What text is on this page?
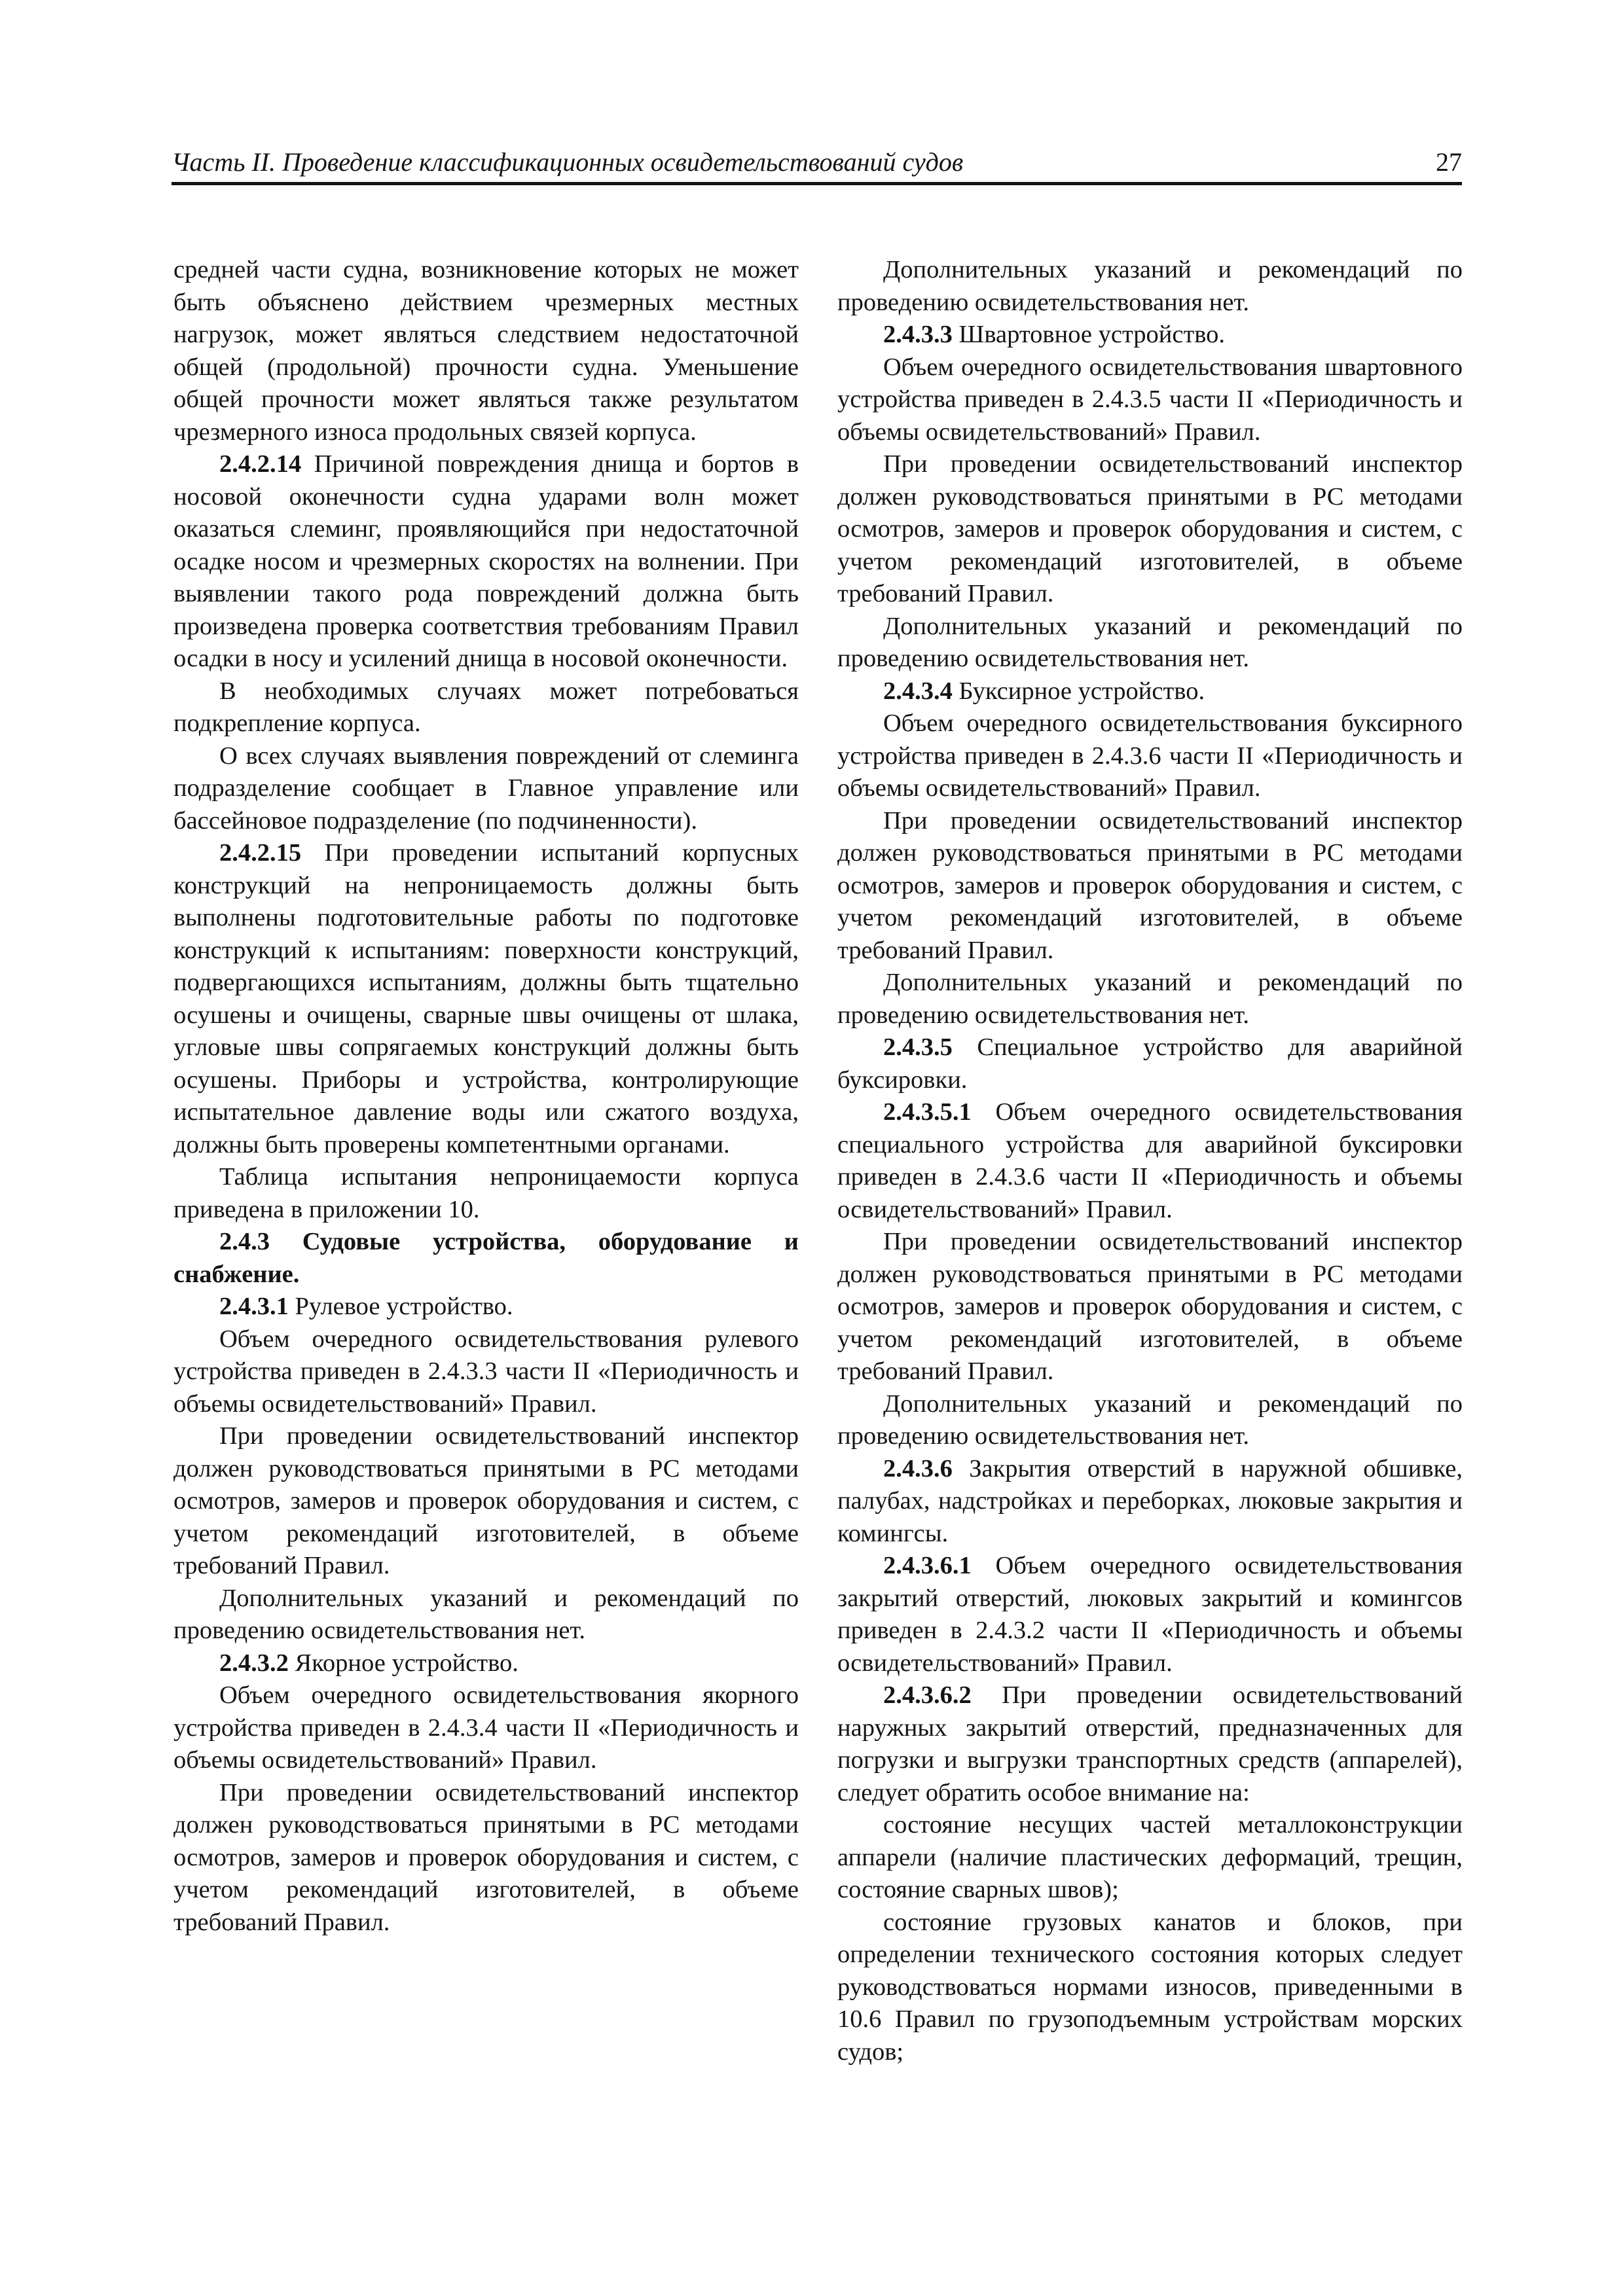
Часть II. Проведение классификационных освидетельствований судов	27

средней части судна, возникновение которых не может быть объяснено действием чрезмерных местных нагрузок, может являться следствием недостаточной общей (продольной) прочности судна. Уменьшение общей прочности может являться также результатом чрезмерного износа продольных связей корпуса.

2.4.2.14 Причиной повреждения днища и бортов в носовой оконечности судна ударами волн может оказаться слеминг, проявляющийся при недостаточной осадке носом и чрезмерных скоростях на волнении. При выявлении такого рода повреждений должна быть произведена проверка соответствия требованиям Правил осадки в носу и усилений днища в носовой оконечности.

В необходимых случаях может потребоваться подкрепление корпуса.

О всех случаях выявления повреждений от слеминга подразделение сообщает в Главное управление или бассейновое подразделение (по подчиненности).

2.4.2.15 При проведении испытаний корпусных конструкций на непроницаемость должны быть выполнены подготовительные работы по подготовке конструкций к испытаниям: поверхности конструкций, подвергающихся испытаниям, должны быть тщательно осушены и очищены, сварные швы очищены от шлака, угловые швы сопрягаемых конструкций должны быть осушены. Приборы и устройства, контролирующие испытательное давление воды или сжатого воздуха, должны быть проверены компетентными органами.

Таблица испытания непроницаемости корпуса приведена в приложении 10.

2.4.3 Судовые устройства, оборудование и снабжение.

2.4.3.1 Рулевое устройство.

Объем очередного освидетельствования рулевого устройства приведен в 2.4.3.3 части II «Периодичность и объемы освидетельствований» Правил.

При проведении освидетельствований инспектор должен руководствоваться принятыми в РС методами осмотров, замеров и проверок оборудования и систем, с учетом рекомендаций изготовителей, в объеме требований Правил.

Дополнительных указаний и рекомендаций по проведению освидетельствования нет.

2.4.3.2 Якорное устройство.

Объем очередного освидетельствования якорного устройства приведен в 2.4.3.4 части II «Периодичность и объемы освидетельствований» Правил.

При проведении освидетельствований инспектор должен руководствоваться принятыми в РС методами осмотров, замеров и проверок оборудования и систем, с учетом рекомендаций изготовителей, в объеме требований Правил.

Дополнительных указаний и рекомендаций по проведению освидетельствования нет.

2.4.3.3 Швартовное устройство.

Объем очередного освидетельствования швартовного устройства приведен в 2.4.3.5 части II «Периодичность и объемы освидетельствований» Правил.

При проведении освидетельствований инспектор должен руководствоваться принятыми в РС методами осмотров, замеров и проверок оборудования и систем, с учетом рекомендаций изготовителей, в объеме требований Правил.

Дополнительных указаний и рекомендаций по проведению освидетельствования нет.

2.4.3.4 Буксирное устройство.

Объем очередного освидетельствования буксирного устройства приведен в 2.4.3.6 части II «Периодичность и объемы освидетельствований» Правил.

При проведении освидетельствований инспектор должен руководствоваться принятыми в РС методами осмотров, замеров и проверок оборудования и систем, с учетом рекомендаций изготовителей, в объеме требований Правил.

Дополнительных указаний и рекомендаций по проведению освидетельствования нет.

2.4.3.5 Специальное устройство для аварийной буксировки.

2.4.3.5.1 Объем очередного освидетельствования специального устройства для аварийной буксировки приведен в 2.4.3.6 части II «Периодичность и объемы освидетельствований» Правил.

При проведении освидетельствований инспектор должен руководствоваться принятыми в РС методами осмотров, замеров и проверок оборудования и систем, с учетом рекомендаций изготовителей, в объеме требований Правил.

Дополнительных указаний и рекомендаций по проведению освидетельствования нет.

2.4.3.6 Закрытия отверстий в наружной обшивке, палубах, надстройках и переборках, люковые закрытия и комингсы.

2.4.3.6.1 Объем очередного освидетельствования закрытий отверстий, люковых закрытий и комингсов приведен в 2.4.3.2 части II «Периодичность и объемы освидетельствований» Правил.

2.4.3.6.2 При проведении освидетельствований наружных закрытий отверстий, предназначенных для погрузки и выгрузки транспортных средств (аппарелей), следует обратить особое внимание на:

состояние несущих частей металлоконструкции аппарели (наличие пластических деформаций, трещин, состояние сварных швов);

состояние грузовых канатов и блоков, при определении технического состояния которых следует руководствоваться нормами износов, приведенными в 10.6 Правил по грузоподъемным устройствам морских судов;
